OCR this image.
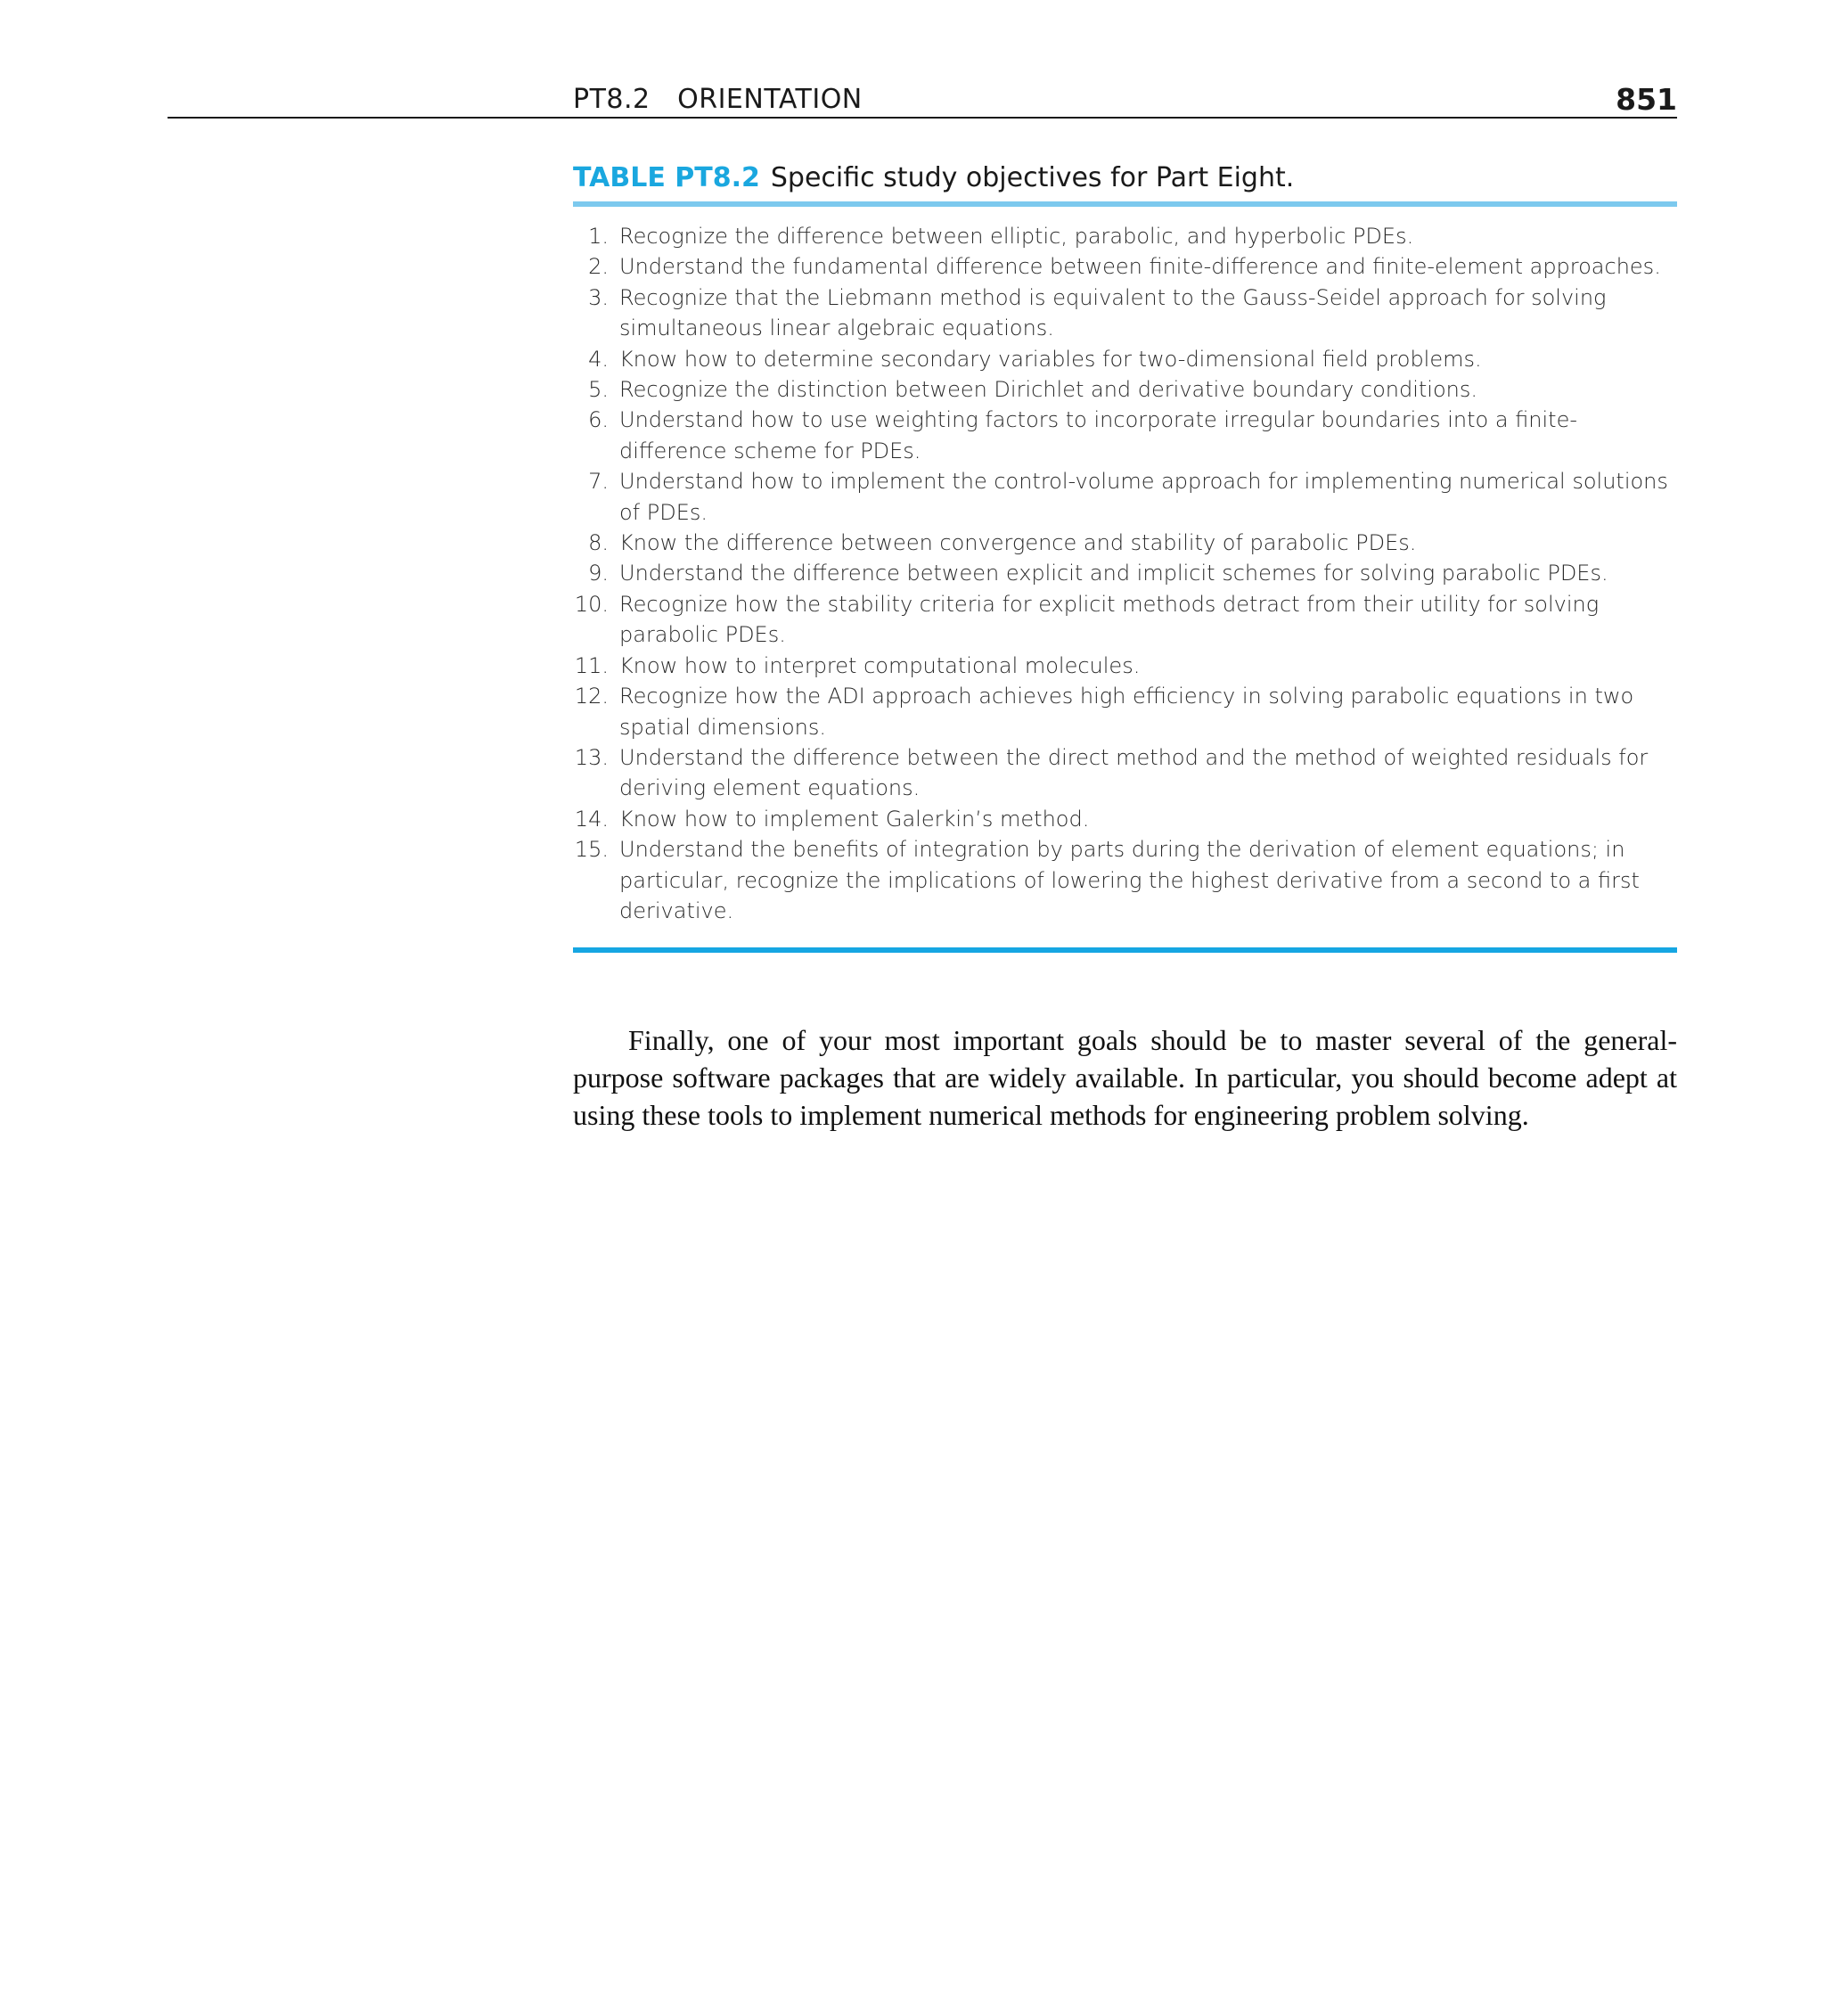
PT8.2 ORIENTATION	851
TABLE PT8.2 Specific study objectives for Part Eight.
1. Recognize the difference between elliptic, parabolic, and hyperbolic PDEs.
2. Understand the fundamental difference between finite-difference and finite-element approaches.
3. Recognize that the Liebmann method is equivalent to the Gauss-Seidel approach for solving simultaneous linear algebraic equations.
4. Know how to determine secondary variables for two-dimensional field problems.
5. Recognize the distinction between Dirichlet and derivative boundary conditions.
6. Understand how to use weighting factors to incorporate irregular boundaries into a finite-difference scheme for PDEs.
7. Understand how to implement the control-volume approach for implementing numerical solutions of PDEs.
8. Know the difference between convergence and stability of parabolic PDEs.
9. Understand the difference between explicit and implicit schemes for solving parabolic PDEs.
10. Recognize how the stability criteria for explicit methods detract from their utility for solving parabolic PDEs.
11. Know how to interpret computational molecules.
12. Recognize how the ADI approach achieves high efficiency in solving parabolic equations in two spatial dimensions.
13. Understand the difference between the direct method and the method of weighted residuals for deriving element equations.
14. Know how to implement Galerkin’s method.
15. Understand the benefits of integration by parts during the derivation of element equations; in particular, recognize the implications of lowering the highest derivative from a second to a first derivative.

Finally, one of your most important goals should be to master several of the general-purpose software packages that are widely available. In particular, you should become adept at using these tools to implement numerical methods for engineering problem solving.
